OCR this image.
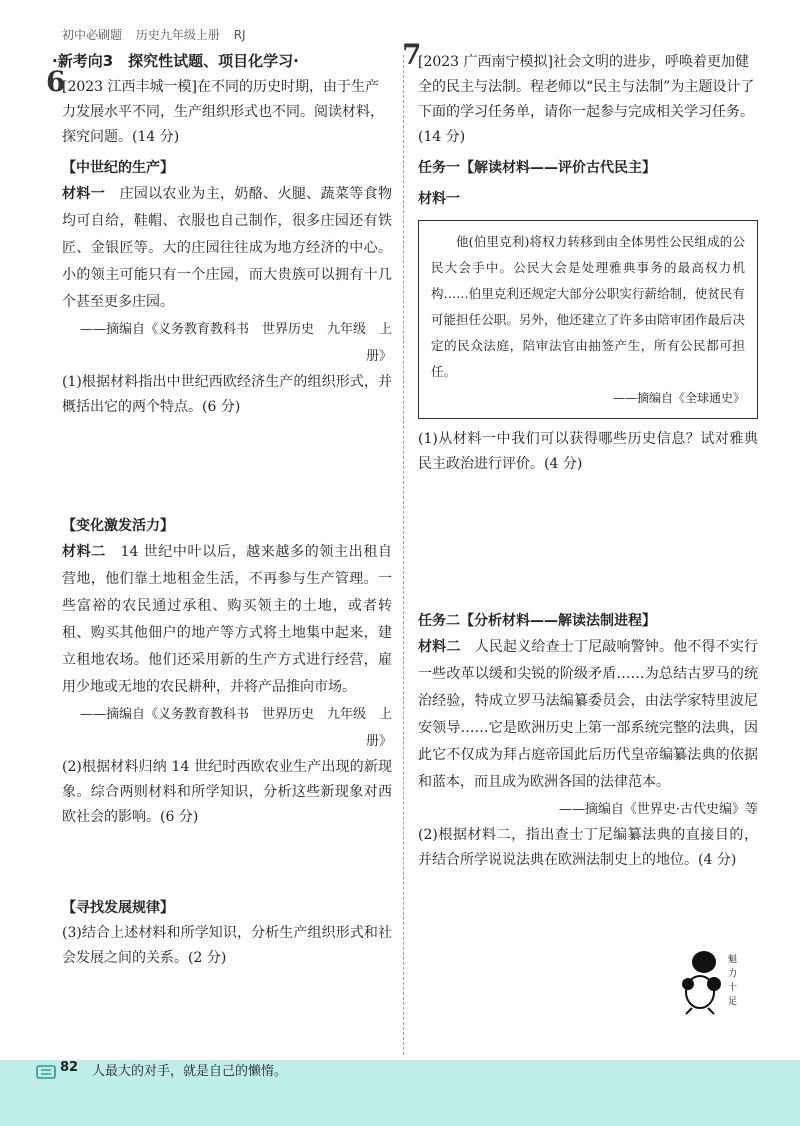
初中必刷题 历史九年级上册 RJ
·新考向3　探究性试题、项目化学习·
6
[2023 江西丰城一模]在不同的历史时期，由于生产力发展水平不同，生产组织形式也不同。阅读材料，探究问题。(14 分)
【中世纪的生产】
材料一　庄园以农业为主，奶酪、火腿、蔬菜等食物均可自给，鞋帽、衣服也自己制作，很多庄园还有铁匠、金银匠等。大的庄园往往成为地方经济的中心。小的领主可能只有一个庄园，而大贵族可以拥有十几个甚至更多庄园。
——摘编自《义务教育教科书　世界历史　九年级　上册》
(1)根据材料指出中世纪西欧经济生产的组织形式，并概括出它的两个特点。(6 分)
【变化激发活力】
材料二　14 世纪中叶以后，越来越多的领主出租自营地，他们靠土地租金生活，不再参与生产管理。一些富裕的农民通过承租、购买领主的土地，或者转租、购买其他佃户的地产等方式将土地集中起来，建立租地农场。他们还采用新的生产方式进行经营，雇用少地或无地的农民耕种，并将产品推向市场。
——摘编自《义务教育教科书　世界历史　九年级　上册》
(2)根据材料归纳 14 世纪时西欧农业生产出现的新现象。综合两则材料和所学知识，分析这些新现象对西欧社会的影响。(6 分)
【寻找发展规律】
(3)结合上述材料和所学知识，分析生产组织形式和社会发展之间的关系。(2 分)
7
[2023 广西南宁模拟]社会文明的进步，呼唤着更加健全的民主与法制。程老师以“民主与法制”为主题设计了下面的学习任务单，请你一起参与完成相关学习任务。(14 分)
任务一【解读材料——评价古代民主】
材料一
他(伯里克利)将权力转移到由全体男性公民组成的公民大会手中。公民大会是处理雅典事务的最高权力机构……伯里克利还规定大部分公职实行薪给制，使贫民有可能担任公职。另外，他还建立了许多由陪审团作最后决定的民众法庭，陪审法官由抽签产生，所有公民都可担任。
——摘编自《全球通史》
(1)从材料一中我们可以获得哪些历史信息？试对雅典民主政治进行评价。(4 分)
任务二【分析材料——解读法制进程】
材料二　人民起义给查士丁尼敲响警钟。他不得不实行一些改革以缓和尖锐的阶级矛盾……为总结古罗马的统治经验，特成立罗马法编纂委员会，由法学家特里波尼安领导……它是欧洲历史上第一部系统完整的法典，因此它不仅成为拜占庭帝国此后历代皇帝编纂法典的依据和蓝本，而且成为欧洲各国的法律范本。
——摘编自《世界史·古代史编》等
(2)根据材料二，指出查士丁尼编纂法典的直接目的，并结合所学说说法典在欧洲法制史上的地位。(4 分)
魁
力
十
足
82 人最大的对手，就是自己的懒惰。
